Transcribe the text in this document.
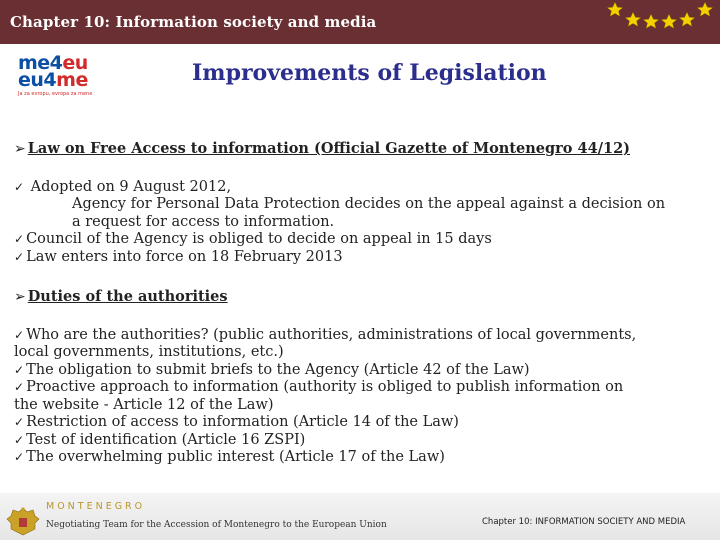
Chapter 10: Information society and media
me4eu
eu4me
Ja za evropu, evropa za mene
Improvements of Legislation
➢ Law on Free Access to information (Official Gazette of Montenegro 44/12)
✓ Adopted on 9 August 2012,
Agency for Personal Data Protection decides on the appeal against a decision on
a request for access to information.
✓ Council of the Agency is obliged to decide on appeal in 15 days
✓ Law enters into force on 18 February 2013
➢ Duties of the authorities
✓ Who are the authorities? (public authorities, administrations of local governments,
local governments, institutions, etc.)
✓ The obligation to submit briefs to the Agency (Article 42 of the Law)
✓ Proactive approach to information (authority is obliged to publish information on
the website - Article 12 of the Law)
✓ Restriction of access to information (Article 14 of the Law)
✓ Test of identification (Article 16 ZSPI)
✓ The overwhelming public interest (Article 17 of the Law)
MONTENEGRO
Negotiating Team for the Accession of Montenegro to the European Union	Chapter 10: INFORMATION SOCIETY AND MEDIA
